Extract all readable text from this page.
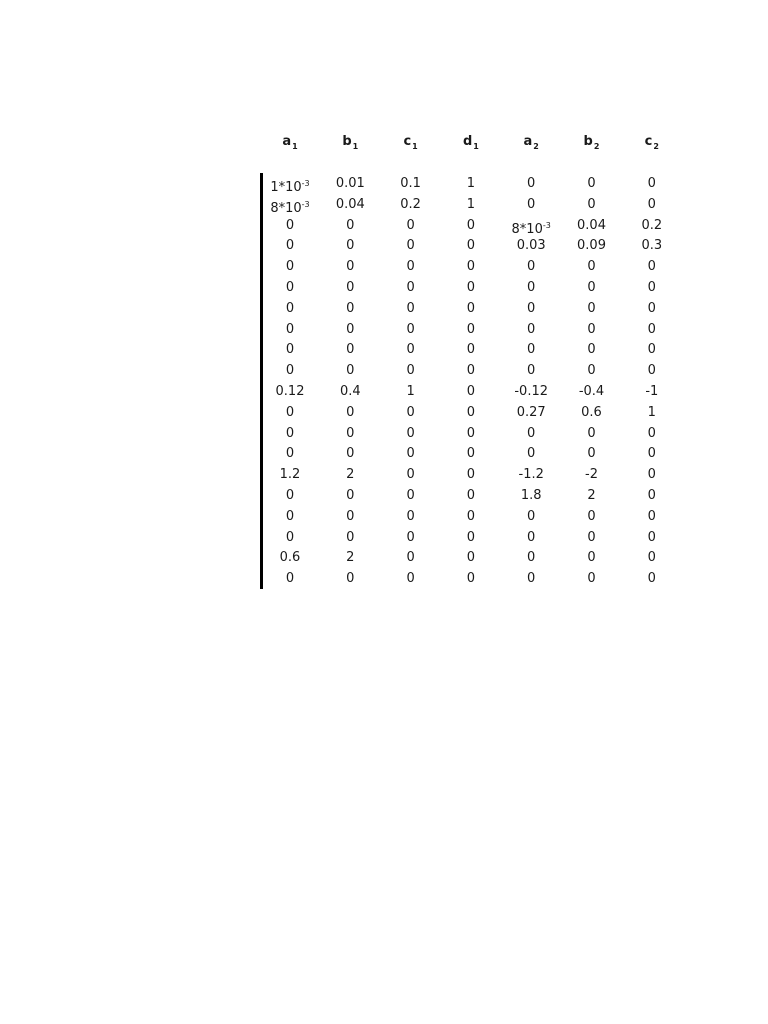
$a_1$	$b_1$	$c_1$	$d_1$	$a_2$	$b_2$	$c_2$
$1*10^{-3}$	0.01	0.1	1	0	0	0
$8*10^{-3}$	0.04	0.2	1	0	0	0
0	0	0	0	$8*10^{-3}$	0.04	0.2
0	0	0	0	0.03	0.09	0.3
0	0	0	0	0	0	0
0	0	0	0	0	0	0
0	0	0	0	0	0	0
0	0	0	0	0	0	0
0	0	0	0	0	0	0
0	0	0	0	0	0	0
0.12	0.4	1	0	-0.12	-0.4	-1
0	0	0	0	0.27	0.6	1
0	0	0	0	0	0	0
0	0	0	0	0	0	0
1.2	2	0	0	-1.2	-2	0
0	0	0	0	1.8	2	0
0	0	0	0	0	0	0
0	0	0	0	0	0	0
0.6	2	0	0	0	0	0
0	0	0	0	0	0	0
